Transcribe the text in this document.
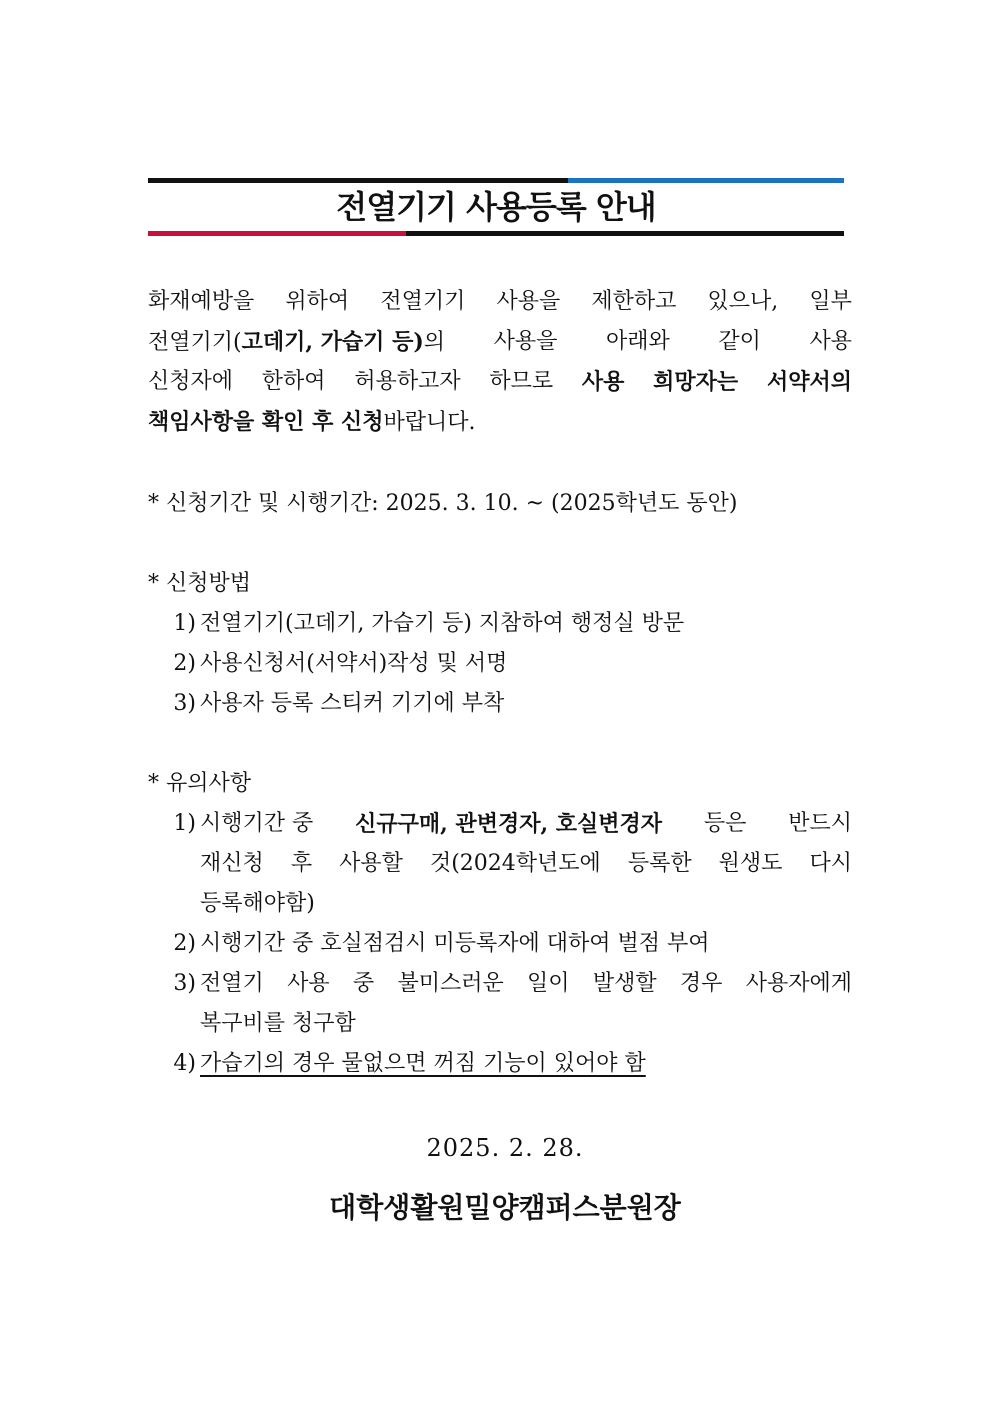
전열기기 사용등록 안내
화재예방을 위하여 전열기기 사용을 제한하고 있으나, 일부
전열기기(고데기, 가습기 등)의 사용을 아래와 같이 사용
신청자에 한하여 허용하고자 하므로 사용 희망자는 서약서의
책임사항을 확인 후 신청바랍니다.
* 신청기간 및 시행기간: 2025. 3. 10. ~ (2025학년도 동안)
* 신청방법
1) 전열기기(고데기, 가습기 등) 지참하여 행정실 방문
2) 사용신청서(서약서)작성 및 서명
3) 사용자 등록 스티커 기기에 부착
* 유의사항
1) 시행기간 중 신규구매, 관변경자, 호실변경자 등은 반드시
재신청 후 사용할 것(2024학년도에 등록한 원생도 다시
등록해야함)
2) 시행기간 중 호실점검시 미등록자에 대하여 벌점 부여
3) 전열기 사용 중 불미스러운 일이 발생할 경우 사용자에게
복구비를 청구함
4) 가습기의 경우 물없으면 꺼짐 기능이 있어야 함
2025. 2. 28.
대학생활원밀양캠퍼스분원장
